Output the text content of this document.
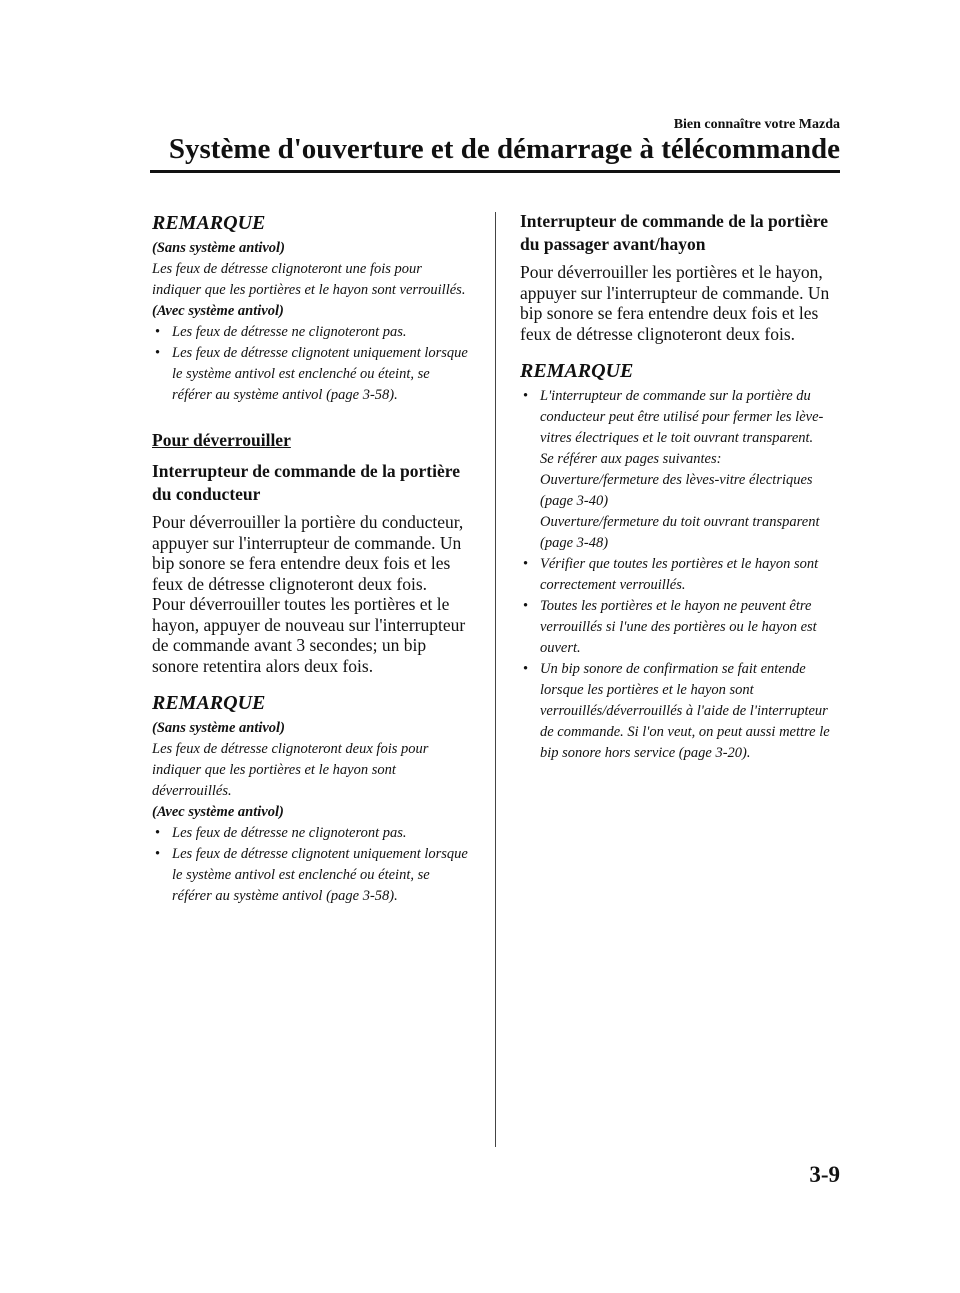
Bien connaître votre Mazda
Système d'ouverture et de démarrage à télécommande

REMARQUE

(Sans système antivol)

Les feux de détresse clignoteront une fois pour indiquer que les portières et le hayon sont verrouillés.

(Avec système antivol)

• Les feux de détresse ne clignoteront pas.
• Les feux de détresse clignotent uniquement lorsque le système antivol est enclenché ou éteint, se référer au système antivol (page 3-58).
Pour déverrouiller
Interrupteur de commande de la portière du conducteur

Pour déverrouiller la portière du conducteur, appuyer sur l'interrupteur de commande. Un bip sonore se fera entendre deux fois et les feux de détresse clignoteront deux fois.

Pour déverrouiller toutes les portières et le hayon, appuyer de nouveau sur l'interrupteur de commande avant 3 secondes; un bip sonore retentira alors deux fois.

REMARQUE

(Sans système antivol)

Les feux de détresse clignoteront deux fois pour indiquer que les portières et le hayon sont déverrouillés.

(Avec système antivol)

• Les feux de détresse ne clignoteront pas.
• Les feux de détresse clignotent uniquement lorsque le système antivol est enclenché ou éteint, se référer au système antivol (page 3-58).
Interrupteur de commande de la portière du passager avant/hayon

Pour déverrouiller les portières et le hayon, appuyer sur l'interrupteur de commande. Un bip sonore se fera entendre deux fois et les feux de détresse clignoteront deux fois.

REMARQUE

• L'interrupteur de commande sur la portière du conducteur peut être utilisé pour fermer les lève-vitres électriques et le toit ouvrant transparent.
Se référer aux pages suivantes:
Ouverture/fermeture des lèves-vitre électriques (page 3-40)
Ouverture/fermeture du toit ouvrant transparent (page 3-48)
• Vérifier que toutes les portières et le hayon sont correctement verrouillés.
• Toutes les portières et le hayon ne peuvent être verrouillés si l'une des portières ou le hayon est ouvert.
• Un bip sonore de confirmation se fait entende lorsque les portières et le hayon sont verrouillés/déverrouillés à l'aide de l'interrupteur de commande. Si l'on veut, on peut aussi mettre le bip sonore hors service (page 3-20).
3-9
